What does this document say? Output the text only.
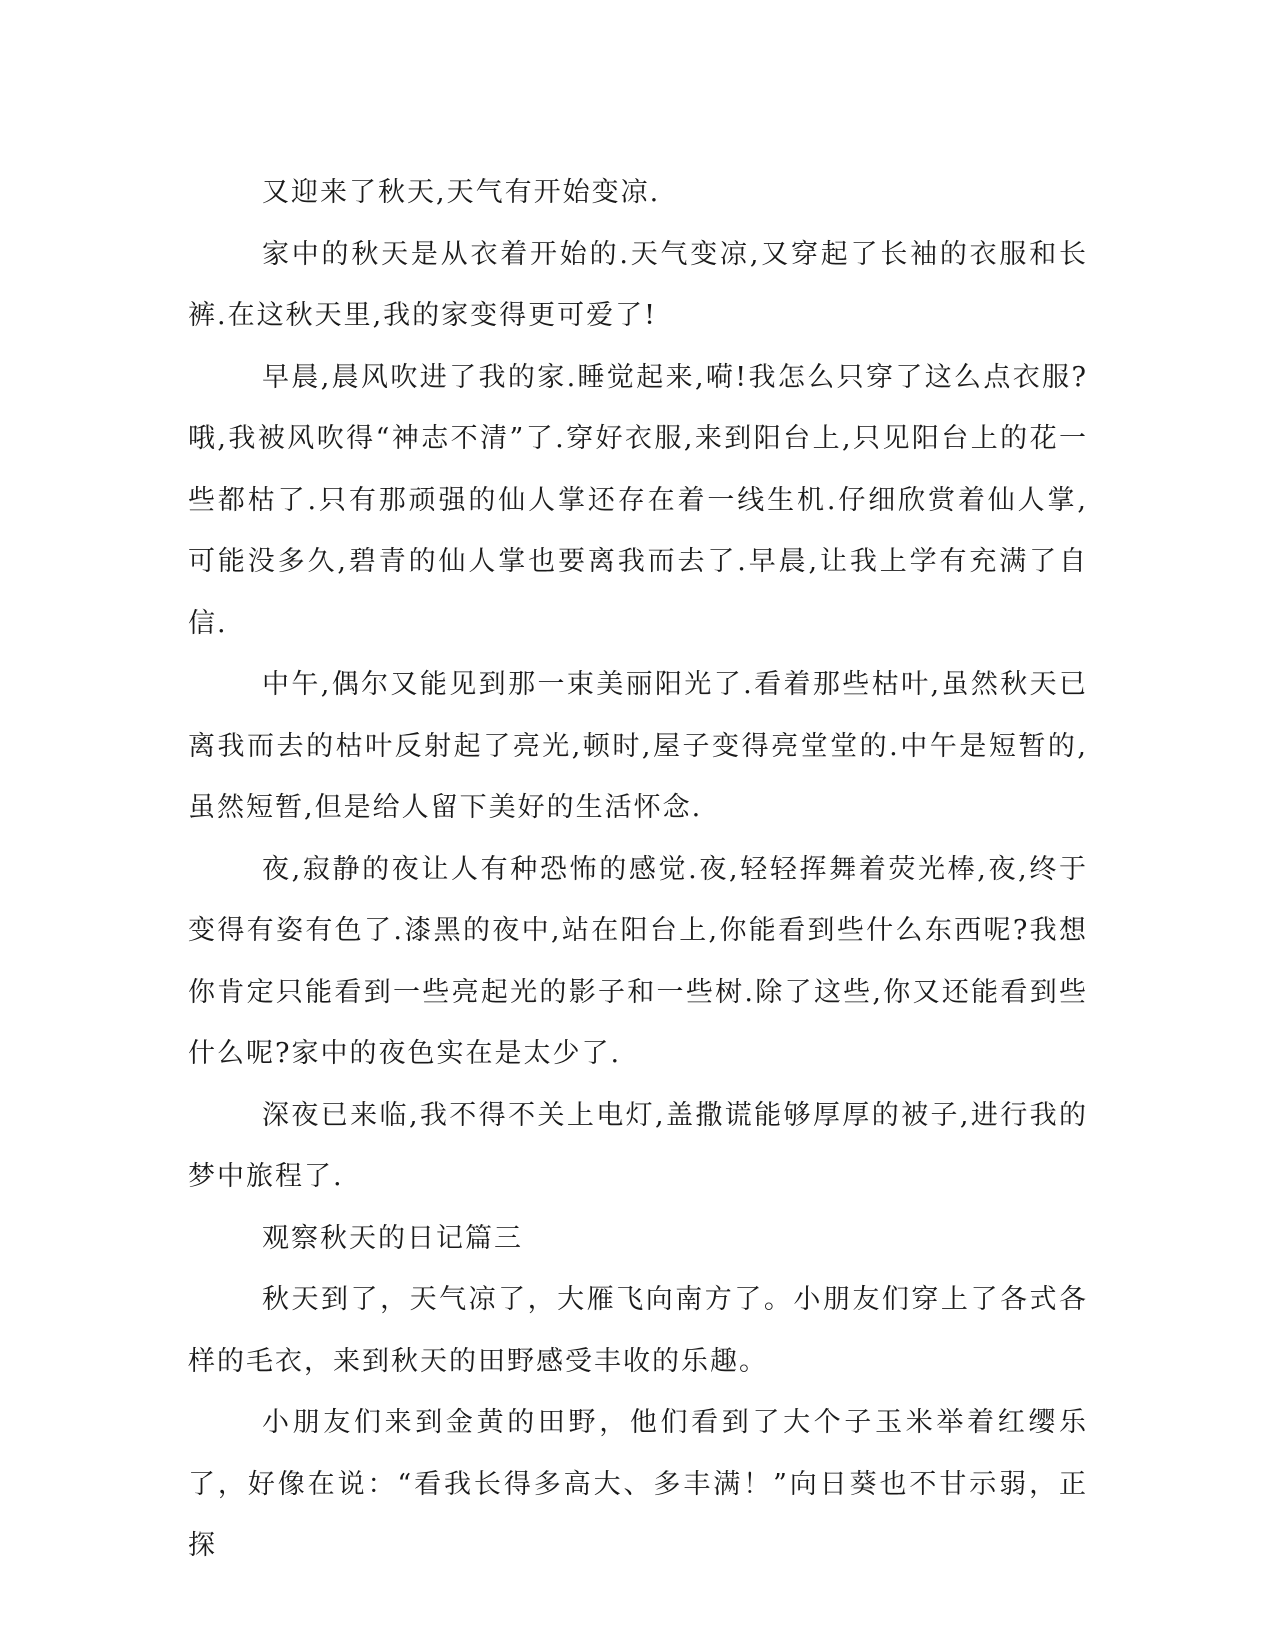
又迎来了秋天,天气有开始变凉.

家中的秋天是从衣着开始的.天气变凉,又穿起了长袖的衣服和长裤.在这秋天里,我的家变得更可爱了!

早晨,晨风吹进了我的家.睡觉起来,嗬!我怎么只穿了这么点衣服?哦,我被风吹得“神志不清”了.穿好衣服,来到阳台上,只见阳台上的花一些都枯了.只有那顽强的仙人掌还存在着一线生机.仔细欣赏着仙人掌,可能没多久,碧青的仙人掌也要离我而去了.早晨,让我上学有充满了自信.

中午,偶尔又能见到那一束美丽阳光了.看着那些枯叶,虽然秋天已离我而去的枯叶反射起了亮光,顿时,屋子变得亮堂堂的.中午是短暂的,虽然短暂,但是给人留下美好的生活怀念.

夜,寂静的夜让人有种恐怖的感觉.夜,轻轻挥舞着荧光棒,夜,终于变得有姿有色了.漆黑的夜中,站在阳台上,你能看到些什么东西呢?我想你肯定只能看到一些亮起光的影子和一些树.除了这些,你又还能看到些什么呢?家中的夜色实在是太少了.

深夜已来临,我不得不关上电灯,盖撒谎能够厚厚的被子,进行我的梦中旅程了.

观察秋天的日记篇三

秋天到了，天气凉了，大雁飞向南方了。小朋友们穿上了各式各样的毛衣，来到秋天的田野感受丰收的乐趣。

小朋友们来到金黄的田野，他们看到了大个子玉米举着红缨乐了，好像在说：“看我长得多高大、多丰满！”向日葵也不甘示弱，正探
